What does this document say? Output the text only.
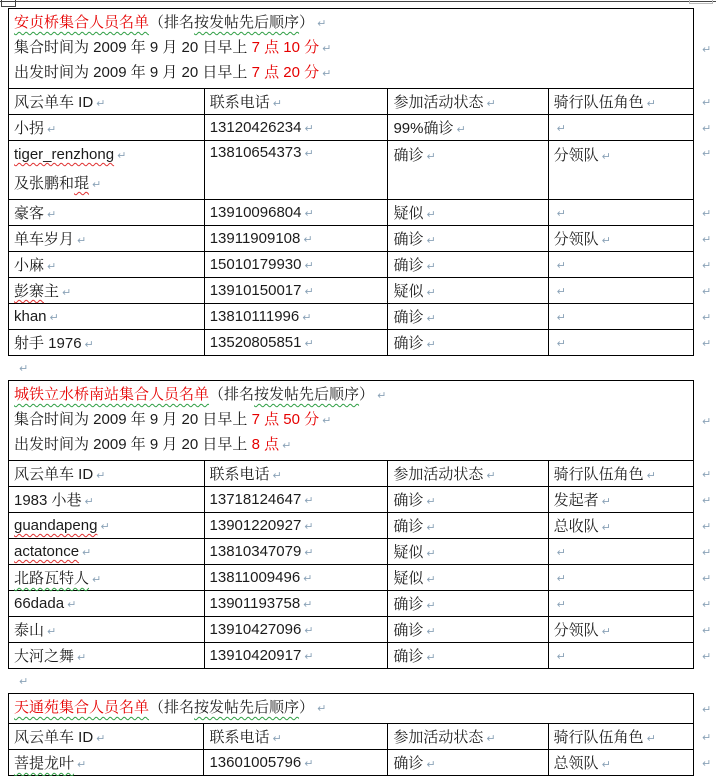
安贞桥集合人员名单（排名按发帖先后顺序） ↵
集合时间为 2009 年 9 月 20 日早上 7 点 10 分 ↵
出发时间为 2009 年 9 月 20 日早上 7 点 20 分 ↵				↵
风云单车 ID ↵	联系电话 ↵	参加活动状态 ↵	骑行队伍角色 ↵	↵
小拐 ↵	13120426234 ↵	99%确诊 ↵	↵	↵

tiger_renzhong ↵
及张鹏和琨 ↵	13810654373 ↵	确诊 ↵	分领队 ↵	↵
豪客 ↵	13910096804 ↵	疑似 ↵	↵	↵
单车岁月 ↵	13911909108 ↵	确诊 ↵	分领队 ↵	↵
小麻 ↵	15010179930 ↵	确诊 ↵	↵	↵
彭寨主 ↵	13910150017 ↵	疑似 ↵	↵	↵
khan ↵	13810111996 ↵	确诊 ↵	↵	↵
射手 1976 ↵	13520805851 ↵	确诊 ↵	↵	↵
↵
城铁立水桥南站集合人员名单（排名按发帖先后顺序） ↵
集合时间为 2009 年 9 月 20 日早上 7 点 50 分 ↵
出发时间为 2009 年 9 月 20 日早上 8 点 ↵				↵
风云单车 ID ↵	联系电话 ↵	参加活动状态 ↵	骑行队伍角色 ↵	↵
1983 小巷 ↵	13718124647 ↵	确诊 ↵	发起者 ↵	↵
guandapeng ↵	13901220927 ↵	确诊 ↵	总收队 ↵	↵
actatonce ↵	13810347079 ↵	疑似 ↵	↵	↵
北路瓦特人 ↵	13811009496 ↵	疑似 ↵	↵	↵
66dada ↵	13901193758 ↵	确诊 ↵	↵	↵
泰山 ↵	13910427096 ↵	确诊 ↵	分领队 ↵	↵
大河之舞 ↵	13910420917 ↵	确诊 ↵	↵	↵
↵
天通苑集合人员名单（排名按发帖先后顺序） ↵				↵
风云单车 ID ↵	联系电话 ↵	参加活动状态 ↵	骑行队伍角色 ↵	↵
菩提龙叶 ↵	13601005796 ↵	确诊 ↵	总领队 ↵	↵
